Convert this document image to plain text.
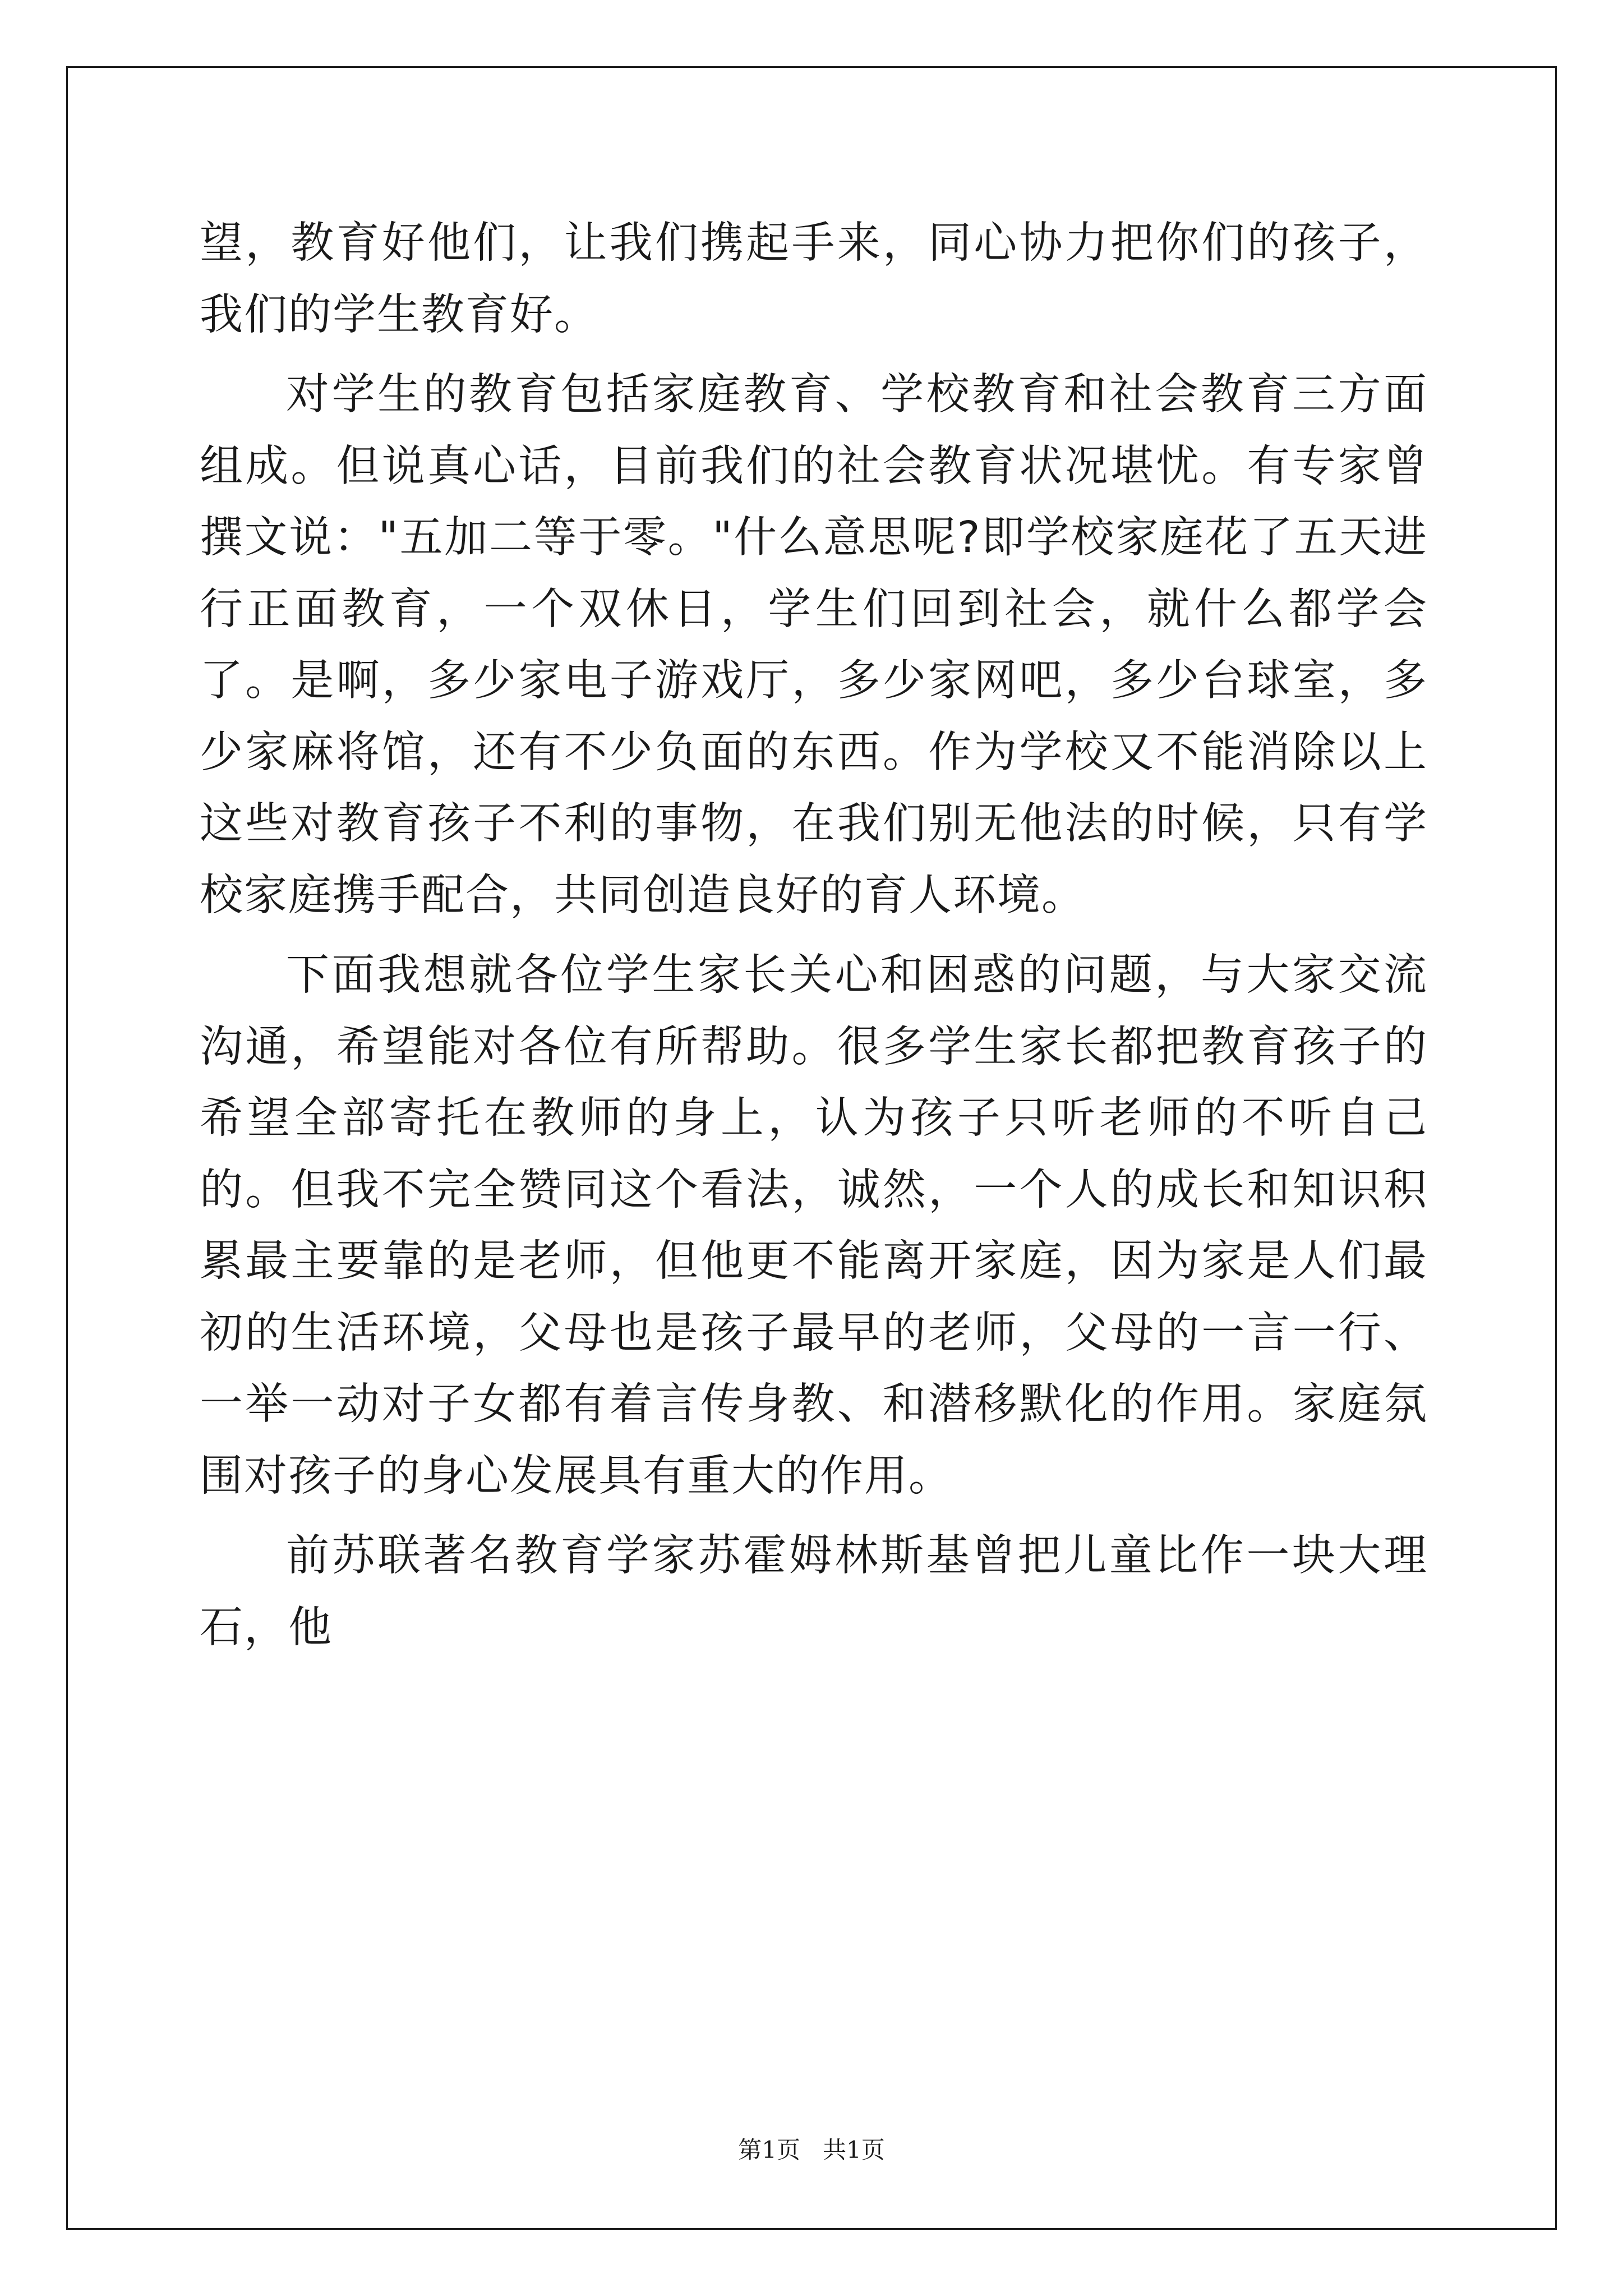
望，教育好他们，让我们携起手来，同心协力把你们的孩子，我们的学生教育好。

对学生的教育包括家庭教育、学校教育和社会教育三方面组成。但说真心话，目前我们的社会教育状况堪忧。有专家曾撰文说："五加二等于零。"什么意思呢?即学校家庭花了五天进行正面教育，一个双休日，学生们回到社会，就什么都学会了。是啊，多少家电子游戏厅，多少家网吧，多少台球室，多少家麻将馆，还有不少负面的东西。作为学校又不能消除以上这些对教育孩子不利的事物，在我们别无他法的时候，只有学校家庭携手配合，共同创造良好的育人环境。

下面我想就各位学生家长关心和困惑的问题，与大家交流沟通，希望能对各位有所帮助。很多学生家长都把教育孩子的希望全部寄托在教师的身上，认为孩子只听老师的不听自己的。但我不完全赞同这个看法，诚然，一个人的成长和知识积累最主要靠的是老师，但他更不能离开家庭，因为家是人们最初的生活环境，父母也是孩子最早的老师，父母的一言一行、一举一动对子女都有着言传身教、和潜移默化的作用。家庭氛围对孩子的身心发展具有重大的作用。

前苏联著名教育学家苏霍姆林斯基曾把儿童比作一块大理石，他

第1页   共1页
